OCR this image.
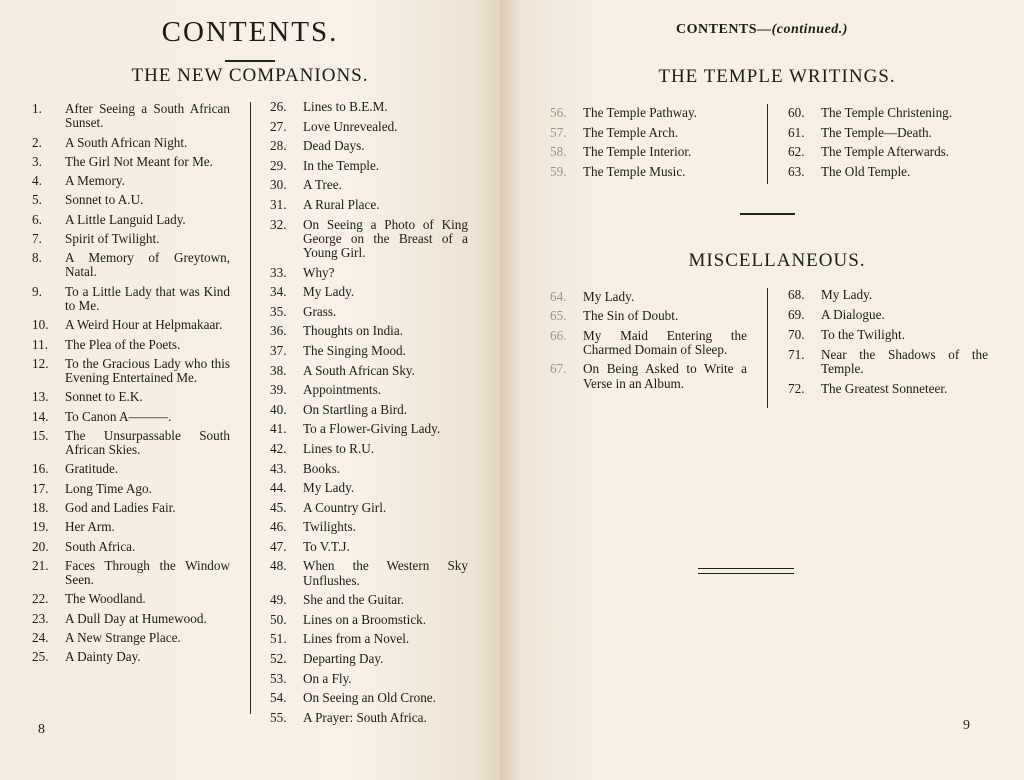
CONTENTS.
THE NEW COMPANIONS.
1.	After Seeing a South African Sunset.
2.	A South African Night.
3.	The Girl Not Meant for Me.
4.	A Memory.
5.	Sonnet to A.U.
6.	A Little Languid Lady.
7.	Spirit of Twilight.
8.	A Memory of Greytown, Natal.
9.	To a Little Lady that was Kind to Me.
10.	A Weird Hour at Helpmakaar.
11.	The Plea of the Poets.
12.	To the Gracious Lady who this Evening Entertained Me.
13.	Sonnet to E.K.
14.	To Canon A———.
15.	The Unsurpassable South African Skies.
16.	Gratitude.
17.	Long Time Ago.
18.	God and Ladies Fair.
19.	Her Arm.
20.	South Africa.
21.	Faces Through the Window Seen.
22.	The Woodland.
23.	A Dull Day at Humewood.
24.	A New Strange Place.
25.	A Dainty Day.
26.	Lines to B.E.M.
27.	Love Unrevealed.
28.	Dead Days.
29.	In the Temple.
30.	A Tree.
31.	A Rural Place.
32.	On Seeing a Photo of King George on the Breast of a Young Girl.
33.	Why?
34.	My Lady.
35.	Grass.
36.	Thoughts on India.
37.	The Singing Mood.
38.	A South African Sky.
39.	Appointments.
40.	On Startling a Bird.
41.	To a Flower-Giving Lady.
42.	Lines to R.U.
43.	Books.
44.	My Lady.
45.	A Country Girl.
46.	Twilights.
47.	To V.T.J.
48.	When the Western Sky Unflushes.
49.	She and the Guitar.
50.	Lines on a Broomstick.
51.	Lines from a Novel.
52.	Departing Day.
53.	On a Fly.
54.	On Seeing an Old Crone.
55.	A Prayer: South Africa.

8

CONTENTS—(continued.)

THE TEMPLE WRITINGS.
56.	The Temple Pathway.
57.	The Temple Arch.
58.	The Temple Interior.
59.	The Temple Music.
60.	The Temple Christening.
61.	The Temple—Death.
62.	The Temple Afterwards.
63.	The Old Temple.
MISCELLANEOUS.
64.	My Lady.
65.	The Sin of Doubt.
66.	My Maid Entering the Charmed Domain of Sleep.
67.	On Being Asked to Write a Verse in an Album.
68.	My Lady.
69.	A Dialogue.
70.	To the Twilight.
71.	Near the Shadows of the Temple.
72.	The Greatest Sonneteer.

9
